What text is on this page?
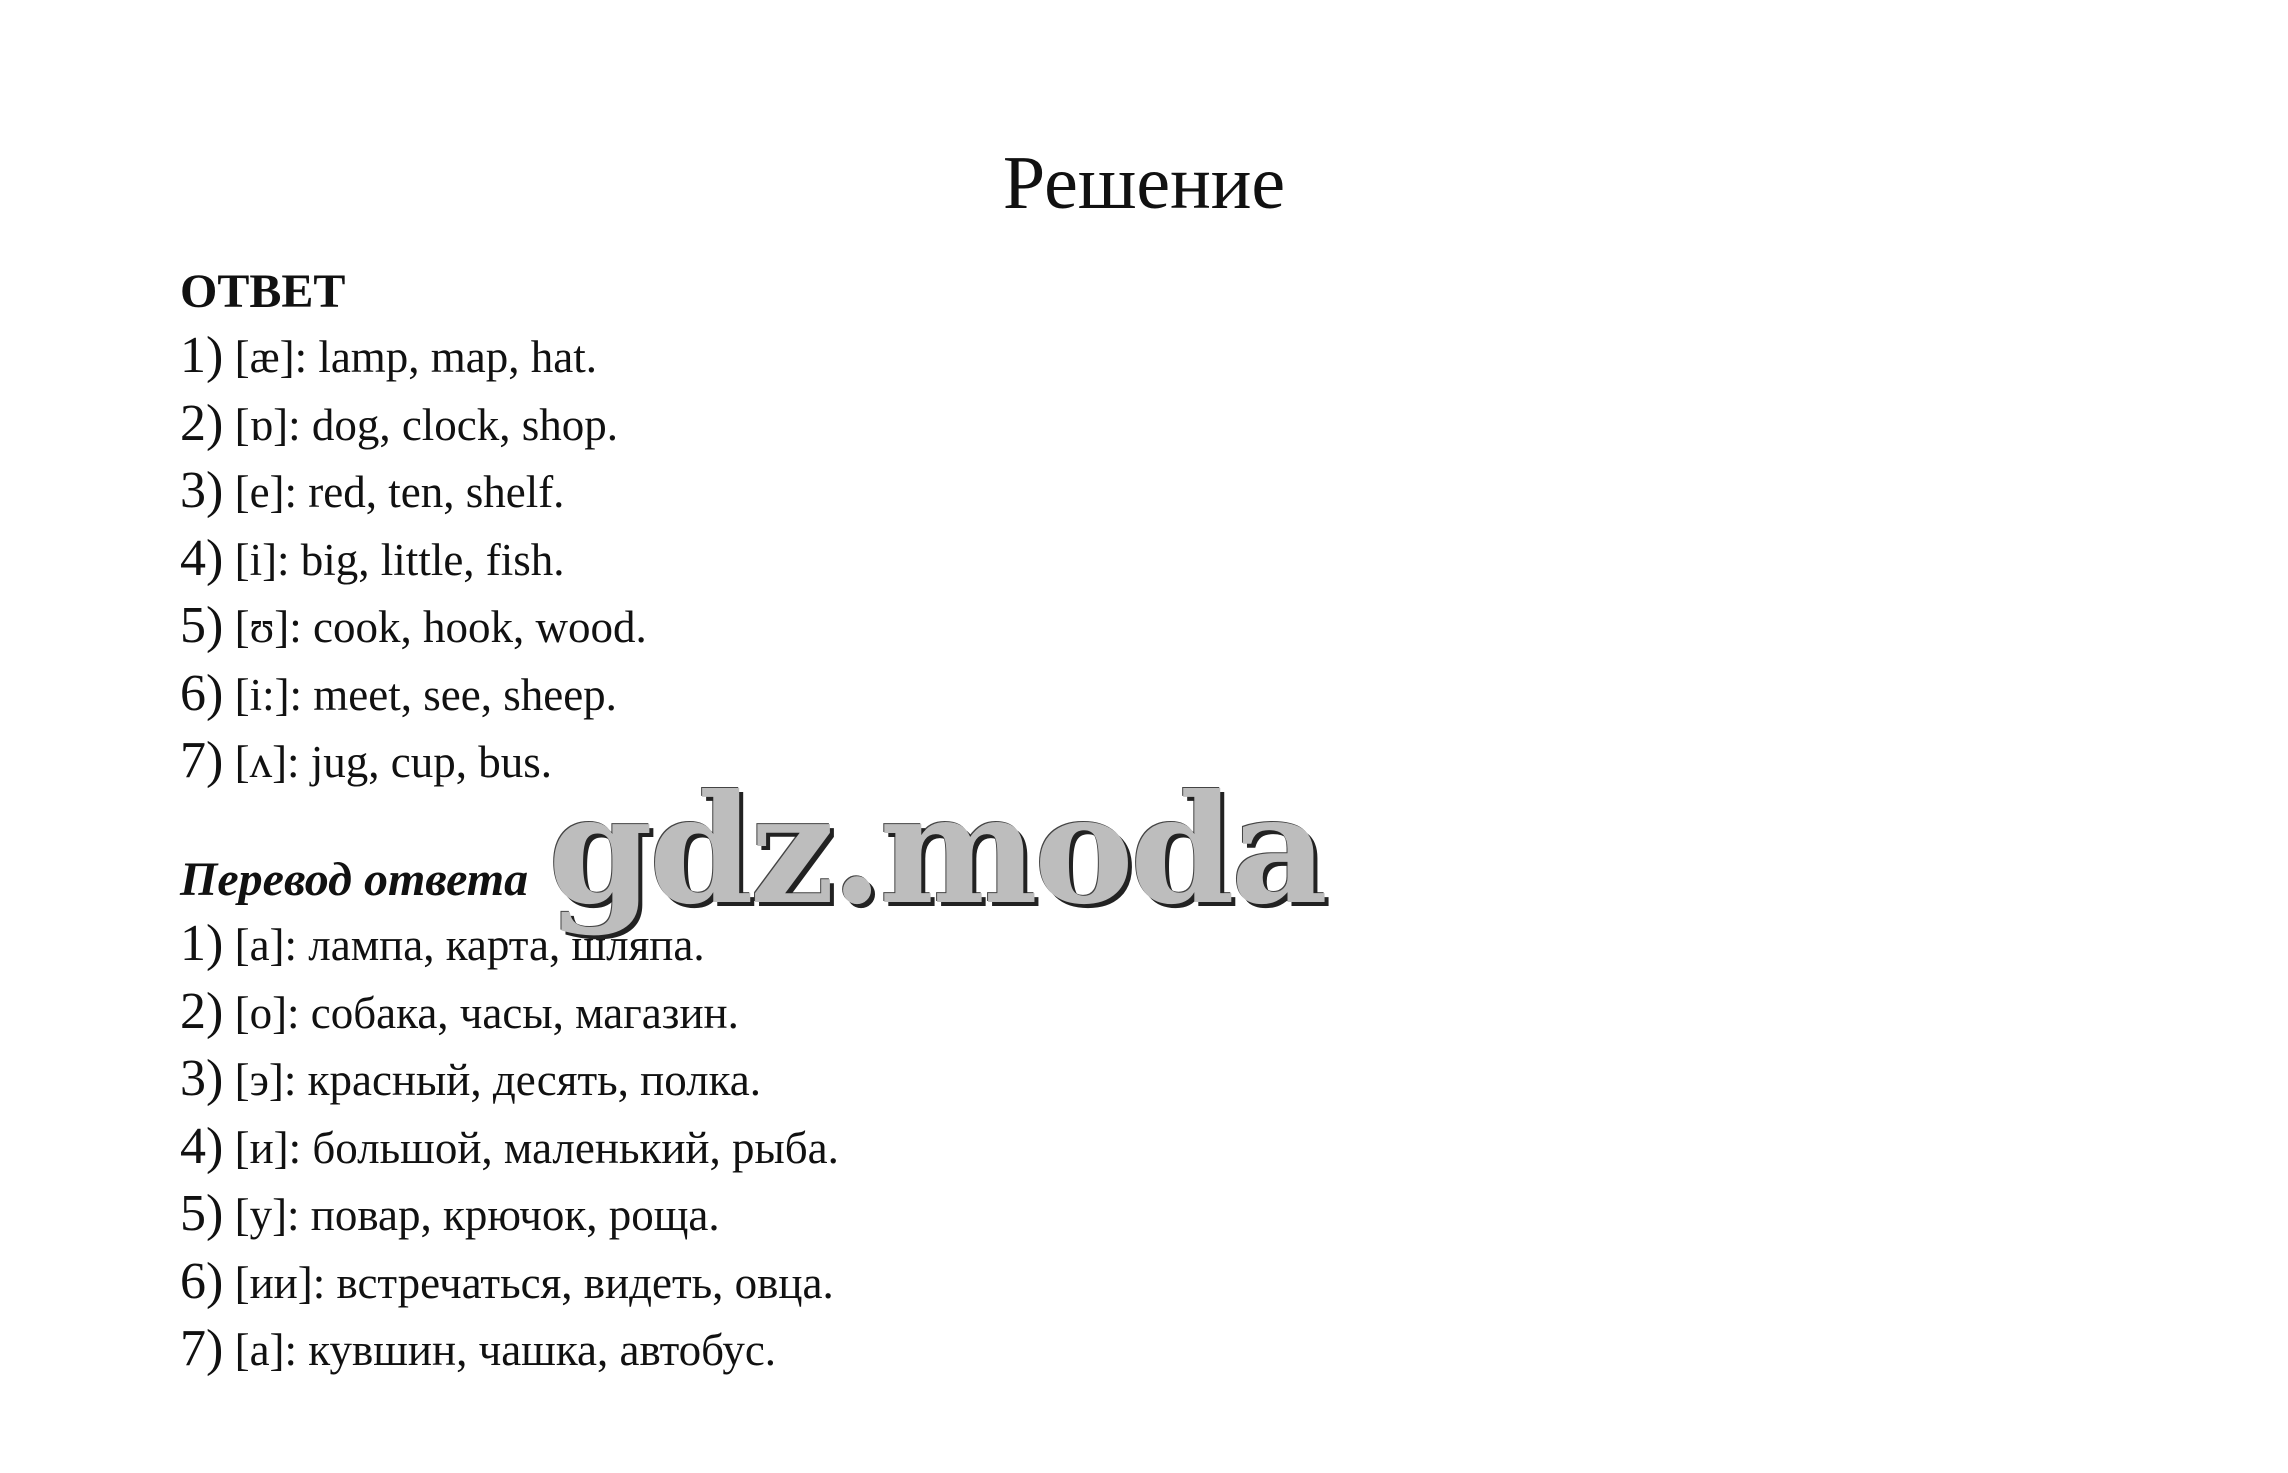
Решение
ОТВЕТ
1) [æ]: lamp, map, hat.
2) [ɒ]: dog, clock, shop.
3) [e]: red, ten, shelf.
4) [i]: big, little, fish.
5) [ʊ]: cook, hook, wood.
6) [i:]: meet, see, sheep.
7) [ʌ]: jug, cup, bus.
Перевод ответа
1) [а]: лампа, карта, шляпа.
2) [о]: собака, часы, магазин.
3) [э]: красный, десять, полка.
4) [и]: большой, маленький, рыба.
5) [у]: повар, крючок, роща.
6) [ии]: встречаться, видеть, овца.
7) [а]: кувшин, чашка, автобус.
gdz.moda
